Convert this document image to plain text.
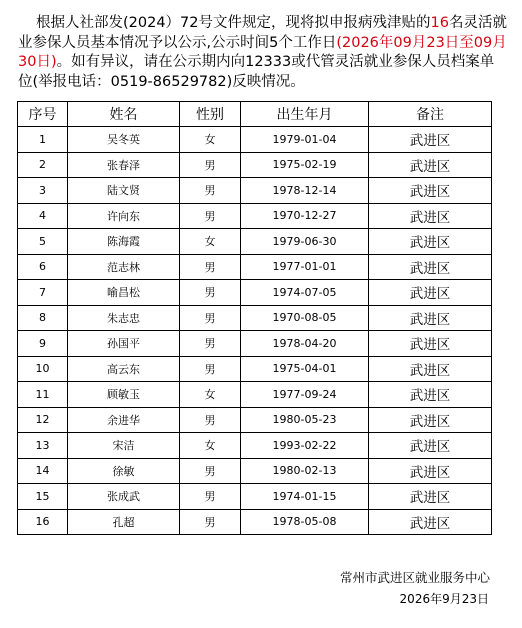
根据人社部发(2024）72号文件规定，现将拟申报病残津贴的16名灵活就业参保人员基本情况予以公示,公示时间5个工作日(2026年09月23日至09月30日)。如有异议，请在公示期内向12333或代管灵活就业参保人员档案单位(举报电话：0519-86529782)反映情况。
序号	姓名	性别	出生年月	备注
1	吴冬英	女	1979-01-04	武进区
2	张春泽	男	1975-02-19	武进区
3	陆文贤	男	1978-12-14	武进区
4	许向东	男	1970-12-27	武进区
5	陈海霞	女	1979-06-30	武进区
6	范志林	男	1977-01-01	武进区
7	喻昌松	男	1974-07-05	武进区
8	朱志忠	男	1970-08-05	武进区
9	孙国平	男	1978-04-20	武进区
10	高云东	男	1975-04-01	武进区
11	顾敏玉	女	1977-09-24	武进区
12	余进华	男	1980-05-23	武进区
13	宋洁	女	1993-02-22	武进区
14	徐敏	男	1980-02-13	武进区
15	张成武	男	1974-01-15	武进区
16	孔超	男	1978-05-08	武进区
常州市武进区就业服务中心
2026年9月23日
